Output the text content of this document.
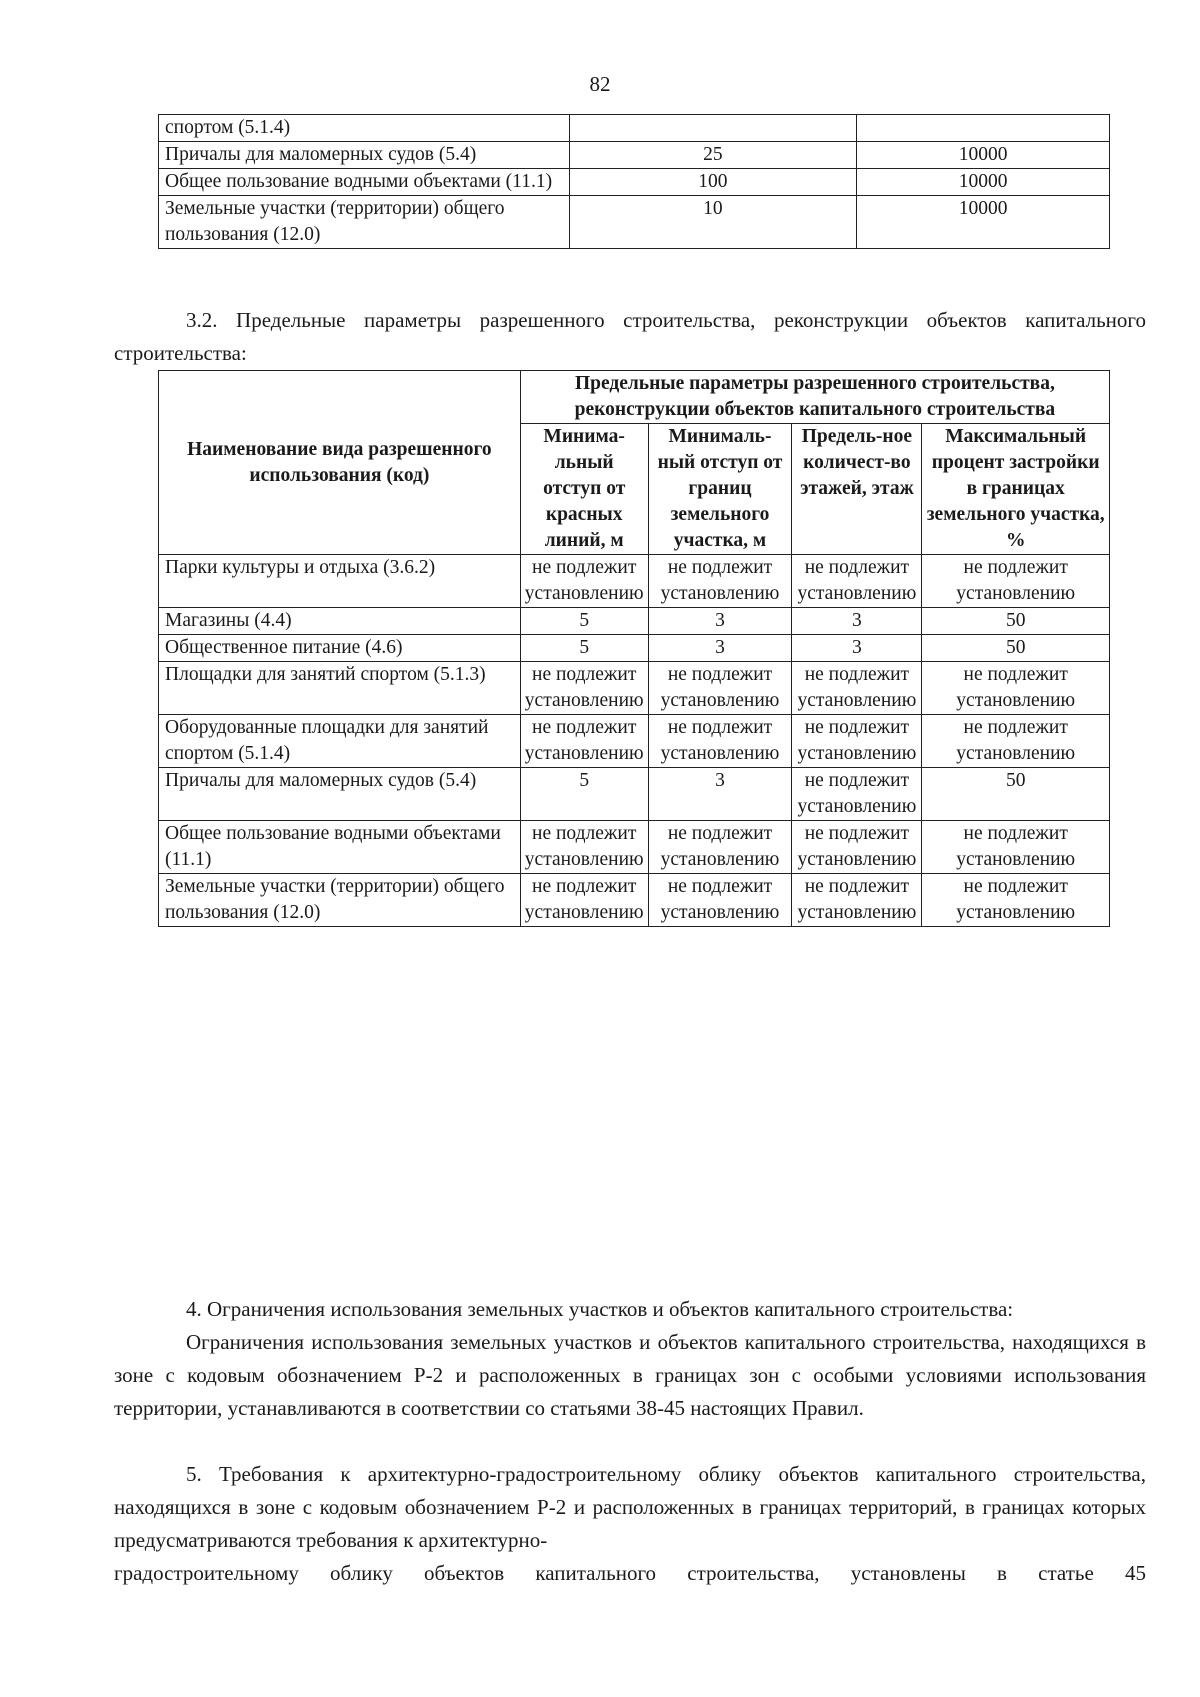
82
спортом (5.1.4)		
Причалы для маломерных судов (5.4)	25	10000
Общее пользование водными объектами (11.1)	100	10000
Земельные участки (территории) общего пользования (12.0)	10	10000
3.2. Предельные параметры разрешенного строительства, реконструкции объектов капитального строительства:
Наименование вида разрешенного использования (код)	Предельные параметры разрешенного строительства, реконструкции объектов капитального строительства			
	Минима-льный отступ от красных линий, м	Минималь-ный отступ от границ земельного участка, м	Предель-ное количест-во этажей, этаж	Максимальный процент застройки в границах земельного участка, %
Парки культуры и отдыха (3.6.2)	не подлежит установлению	не подлежит установлению	не подлежит установлению	не подлежит установлению
Магазины (4.4)	5	3	3	50
Общественное питание (4.6)	5	3	3	50
Площадки для занятий спортом (5.1.3)	не подлежит установлению	не подлежит установлению	не подлежит установлению	не подлежит установлению
Оборудованные площадки для занятий спортом (5.1.4)	не подлежит установлению	не подлежит установлению	не подлежит установлению	не подлежит установлению
Причалы для маломерных судов (5.4)	5	3	не подлежит установлению	50
Общее пользование водными объектами (11.1)	не подлежит установлению	не подлежит установлению	не подлежит установлению	не подлежит установлению
Земельные участки (территории) общего пользования (12.0)	не подлежит установлению	не подлежит установлению	не подлежит установлению	не подлежит установлению
4. Ограничения использования земельных участков и объектов капитального строительства:
Ограничения использования земельных участков и объектов капитального строительства, находящихся в зоне с кодовым обозначением Р-2 и расположенных в границах зон с особыми условиями использования территории, устанавливаются в соответствии со статьями 38-45 настоящих Правил.
5. Требования к архитектурно-градостроительному облику объектов капитального строительства, находящихся в зоне с кодовым обозначением Р-2 и расположенных в границах территорий, в границах которых предусматриваются требования к архитектурно-
градостроительному облику объектов капитального строительства, установлены в статье 45
